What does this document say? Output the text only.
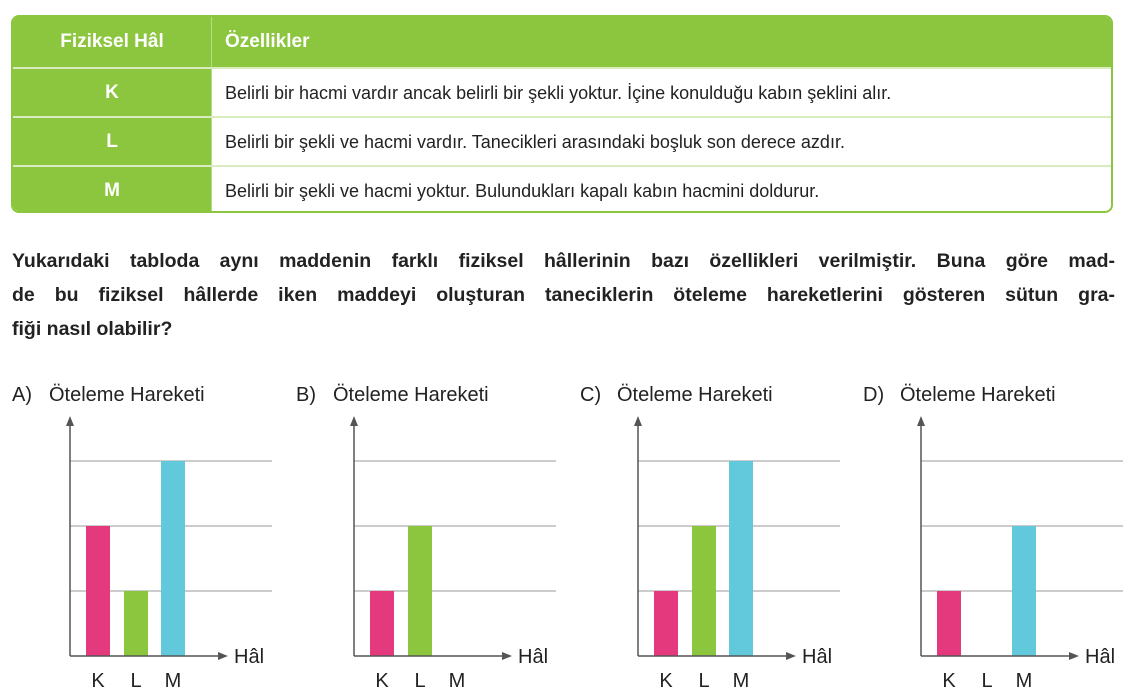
Fiziksel Hâl	Özellikler
K	Belirli bir hacmi vardır ancak belirli bir şekli yoktur. İçine konulduğu kabın şeklini alır.
L	Belirli bir şekli ve hacmi vardır. Tanecikleri arasındaki boşluk son derece azdır.
M	Belirli bir şekli ve hacmi yoktur. Bulundukları kapalı kabın hacmini doldurur.
Yukarıdaki tabloda aynı maddenin farklı fiziksel hâllerinin bazı özellikleri verilmiştir. Buna göre mad-
de bu fiziksel hâllerde iken maddeyi oluşturan taneciklerin öteleme hareketlerini gösteren sütun gra-
fiği nasıl olabilir?
Hâl
K L M
A) Öteleme Hareketi
Hâl
K L M
B) Öteleme Hareketi
Hâl
K L M
C) Öteleme Hareketi
Hâl
K L M
D) Öteleme Hareketi
